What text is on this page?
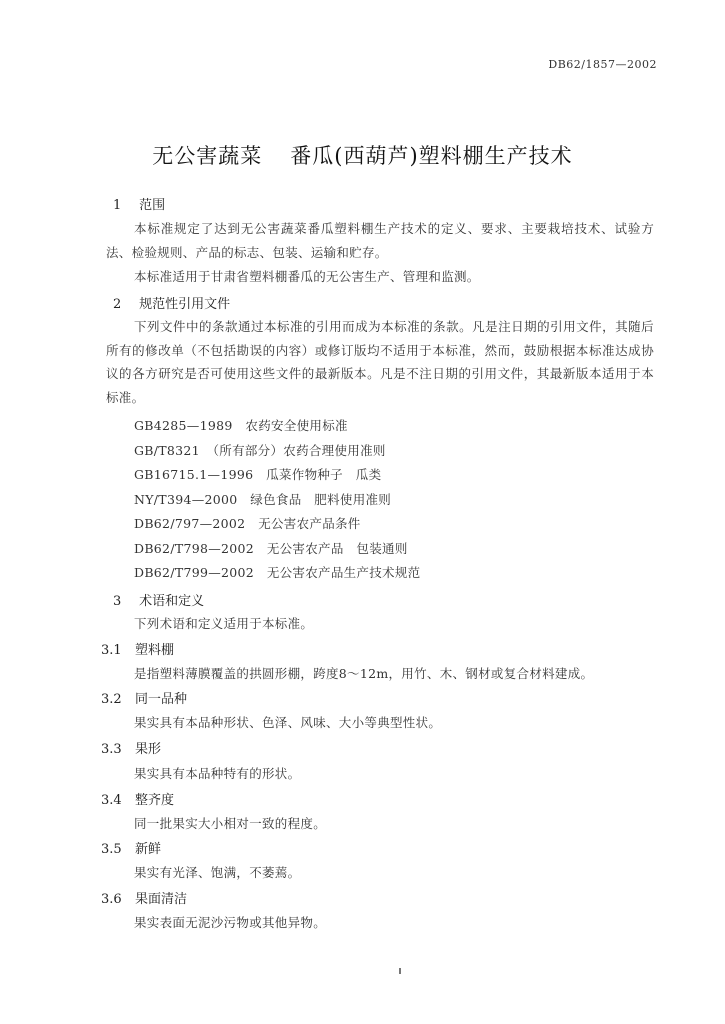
DB62/1857—2002
无公害蔬菜 番瓜(西葫芦)塑料棚生产技术
1 范围
本标准规定了达到无公害蔬菜番瓜塑料棚生产技术的定义、要求、主要栽培技术、试验方法、检验规则、产品的标志、包装、运输和贮存。
本标准适用于甘肃省塑料棚番瓜的无公害生产、管理和监测。
2 规范性引用文件
下列文件中的条款通过本标准的引用而成为本标准的条款。凡是注日期的引用文件，其随后所有的修改单（不包括勘误的内容）或修订版均不适用于本标准，然而，鼓励根据本标准达成协议的各方研究是否可使用这些文件的最新版本。凡是不注日期的引用文件，其最新版本适用于本标准。
GB4285—1989　农药安全使用标准
GB/T8321　（所有部分）农药合理使用准则
GB16715.1—1996　瓜菜作物种子　瓜类
NY/T394—2000　绿色食品　肥料使用准则
DB62/797—2002　无公害农产品条件
DB62/T798—2002　无公害农产品　包装通则
DB62/T799—2002　无公害农产品生产技术规范
3 术语和定义
下列术语和定义适用于本标准。
3.1 塑料棚
是指塑料薄膜覆盖的拱圆形棚，跨度8～12m，用竹、木、钢材或复合材料建成。
3.2 同一品种
果实具有本品种形状、色泽、风味、大小等典型性状。
3.3 果形
果实具有本品种特有的形状。
3.4 整齐度
同一批果实大小相对一致的程度。
3.5 新鲜
果实有光泽、饱满，不萎蔫。
3.6 果面清洁
果实表面无泥沙污物或其他异物。
